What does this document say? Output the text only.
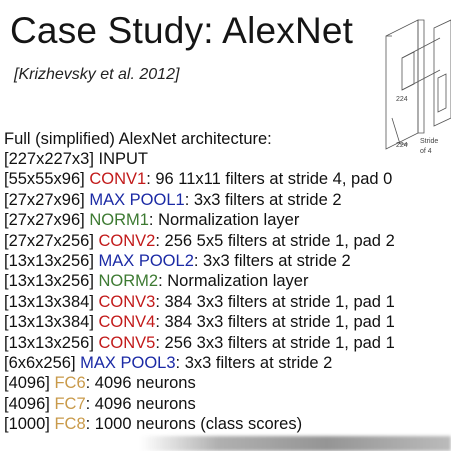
Case Study: AlexNet
[Krizhevsky et al. 2012]
224
224
Stride
of 4
Full (simplified) AlexNet architecture:
[227x227x3] INPUT
[55x55x96] CONV1: 96 11x11 filters at stride 4, pad 0
[27x27x96] MAX POOL1: 3x3 filters at stride 2
[27x27x96] NORM1: Normalization layer
[27x27x256] CONV2: 256 5x5 filters at stride 1, pad 2
[13x13x256] MAX POOL2: 3x3 filters at stride 2
[13x13x256] NORM2: Normalization layer
[13x13x384] CONV3: 384 3x3 filters at stride 1, pad 1
[13x13x384] CONV4: 384 3x3 filters at stride 1, pad 1
[13x13x256] CONV5: 256 3x3 filters at stride 1, pad 1
[6x6x256] MAX POOL3: 3x3 filters at stride 2
[4096] FC6: 4096 neurons
[4096] FC7: 4096 neurons
[1000] FC8: 1000 neurons (class scores)
